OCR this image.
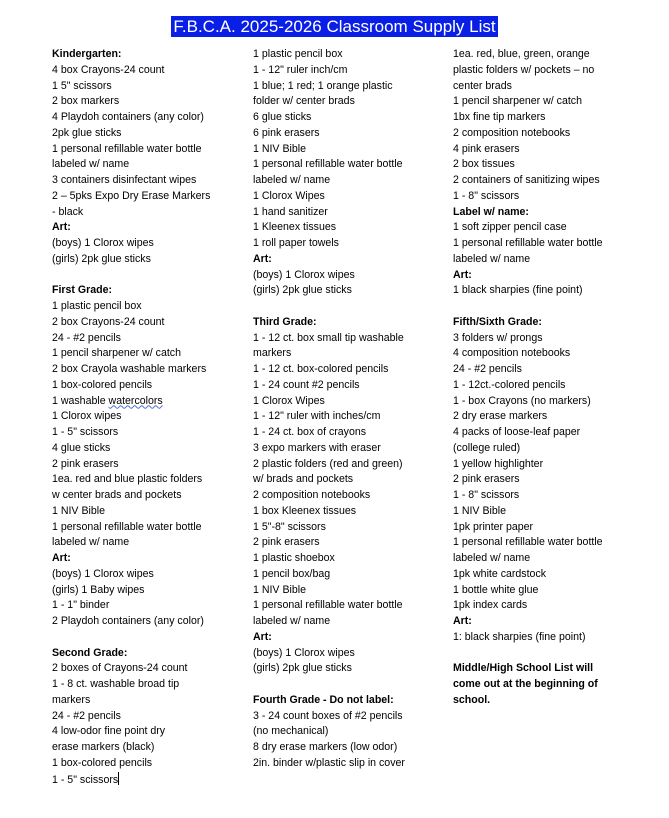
F.B.C.A. 2025-2026 Classroom Supply List
Kindergarten:
4 box Crayons-24 count
1 5" scissors
2 box markers
4 Playdoh containers (any color)
2pk glue sticks
1 personal refillable water bottle
labeled w/ name
3 containers disinfectant wipes
2 – 5pks Expo Dry Erase Markers
- black
Art:
(boys) 1 Clorox wipes
(girls) 2pk glue sticks
First Grade:
1 plastic pencil box
2 box Crayons-24 count
24 - #2 pencils
1 pencil sharpener w/ catch
2 box Crayola washable markers
1 box-colored pencils
1 washable watercolors
1 Clorox wipes
1 - 5" scissors
4 glue sticks
2 pink erasers
1ea. red and blue plastic folders
w center brads and pockets
1 NIV Bible
1 personal refillable water bottle
labeled w/ name
Art:
(boys) 1 Clorox wipes
(girls) 1 Baby wipes
1 - 1" binder
2 Playdoh containers (any color)
Second Grade:
2 boxes of Crayons-24 count
1 - 8 ct. washable broad tip
markers
24 - #2 pencils
4 low-odor fine point dry
erase markers (black)
1 box-colored pencils
1 - 5" scissors
1 plastic pencil box
1 - 12" ruler inch/cm
1 blue; 1 red; 1 orange plastic
folder w/ center brads
6 glue sticks
6 pink erasers
1 NIV Bible
1 personal refillable water bottle
labeled w/ name
1 Clorox Wipes
1 hand sanitizer
1 Kleenex tissues
1 roll paper towels
Art:
(boys) 1 Clorox wipes
(girls) 2pk glue sticks
Third Grade:
1 - 12 ct. box small tip washable
markers
1 - 12 ct. box-colored pencils
1 - 24 count #2 pencils
1 Clorox Wipes
1 - 12" ruler with inches/cm
1 - 24 ct. box of crayons
3 expo markers with eraser
2 plastic folders (red and green)
w/ brads and pockets
2 composition notebooks
1 box Kleenex tissues
1 5"-8" scissors
2 pink erasers
1 plastic shoebox
1 pencil box/bag
1 NIV Bible
1 personal refillable water bottle
labeled w/ name
Art:
(boys) 1 Clorox wipes
(girls) 2pk glue sticks
Fourth Grade - Do not label:
3 - 24 count boxes of #2 pencils
(no mechanical)
8 dry erase markers (low odor)
2in. binder w/plastic slip in cover
1ea. red, blue, green, orange
plastic folders w/ pockets – no
center brads
1 pencil sharpener w/ catch
1bx fine tip markers
2 composition notebooks
4 pink erasers
2 box tissues
2 containers of sanitizing wipes
1 - 8" scissors
Label w/ name:
1 soft zipper pencil case
1 personal refillable water bottle
labeled w/ name
Art:
1 black sharpies (fine point)
Fifth/Sixth Grade:
3 folders w/ prongs
4 composition notebooks
24 - #2 pencils
1 - 12ct.-colored pencils
1 - box Crayons (no markers)
2 dry erase markers
4 packs of loose-leaf paper
(college ruled)
1 yellow highlighter
2 pink erasers
1 - 8" scissors
1 NIV Bible
1pk printer paper
1 personal refillable water bottle
labeled w/ name
1pk white cardstock
1 bottle white glue
1pk index cards
Art:
1: black sharpies (fine point)
Middle/High School List will
come out at the beginning of
school.
